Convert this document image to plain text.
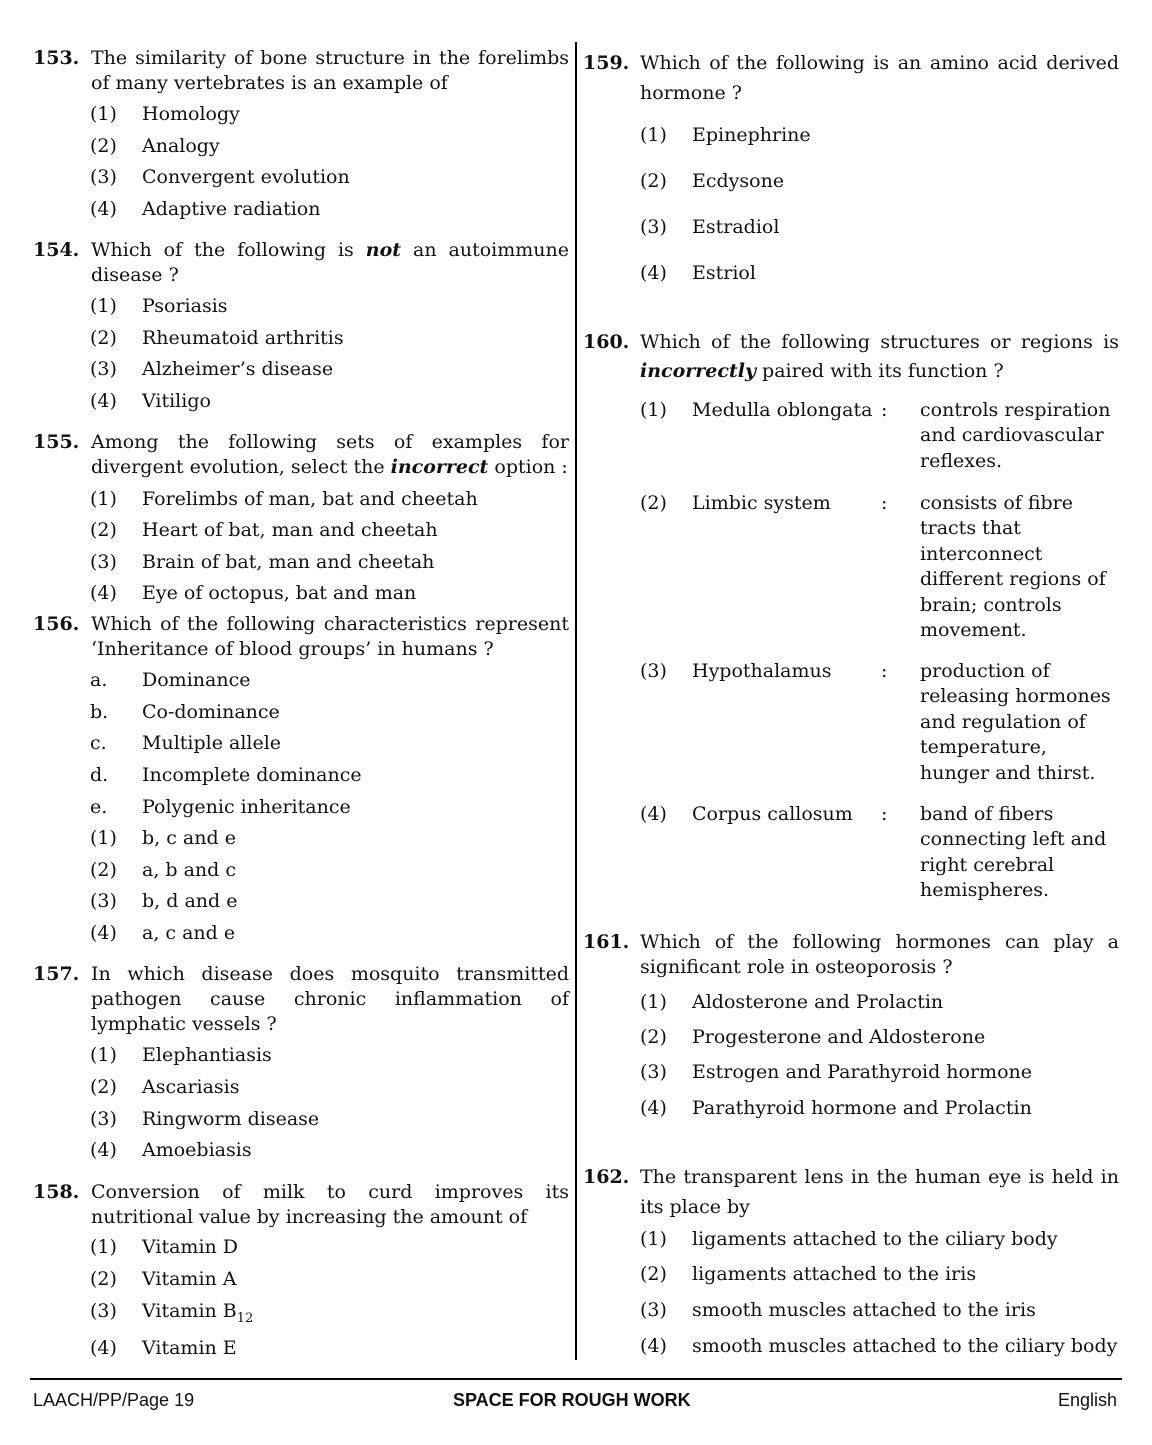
153. The similarity of bone structure in the forelimbs of many vertebrates is an example of
(1) Homology
(2) Analogy
(3) Convergent evolution
(4) Adaptive radiation
154. Which of the following is not an autoimmune disease ?
(1) Psoriasis
(2) Rheumatoid arthritis
(3) Alzheimer’s disease
(4) Vitiligo
155. Among the following sets of examples for divergent evolution, select the incorrect option :
(1) Forelimbs of man, bat and cheetah
(2) Heart of bat, man and cheetah
(3) Brain of bat, man and cheetah
(4) Eye of octopus, bat and man
156. Which of the following characteristics represent ‘Inheritance of blood groups’ in humans ?
a. Dominance
b. Co-dominance
c. Multiple allele
d. Incomplete dominance
e. Polygenic inheritance
(1) b, c and e
(2) a, b and c
(3) b, d and e
(4) a, c and e
157. In which disease does mosquito transmitted pathogen cause chronic inflammation of lymphatic vessels ?
(1) Elephantiasis
(2) Ascariasis
(3) Ringworm disease
(4) Amoebiasis
158. Conversion of milk to curd improves its nutritional value by increasing the amount of
(1) Vitamin D
(2) Vitamin A
(3) Vitamin $B_{12}$
(4) Vitamin E
159. Which of the following is an amino acid derived hormone ?
(1) Epinephrine
(2) Ecdysone
(3) Estradiol
(4) Estriol
160. Which of the following structures or regions is incorrectly paired with its function ?
(1) Medulla oblongata : controls respiration
and cardiovascular
reflexes.
(2) Limbic system	: consists of fibre
tracts that
interconnect
different regions of
brain; controls
movement.
(3) Hypothalamus	: production of
releasing hormones
and regulation of
temperature,
hunger and thirst.
(4) Corpus callosum : band of fibers
connecting left and
right cerebral
hemispheres.
161. Which of the following hormones can play a significant role in osteoporosis ?
(1) Aldosterone and Prolactin
(2) Progesterone and Aldosterone
(3) Estrogen and Parathyroid hormone
(4) Parathyroid hormone and Prolactin
162. The transparent lens in the human eye is held in its place by
(1) ligaments attached to the ciliary body
(2) ligaments attached to the iris
(3) smooth muscles attached to the iris
(4) smooth muscles attached to the ciliary body
LAACH/PP/Page 19	SPACE FOR ROUGH WORK	English
